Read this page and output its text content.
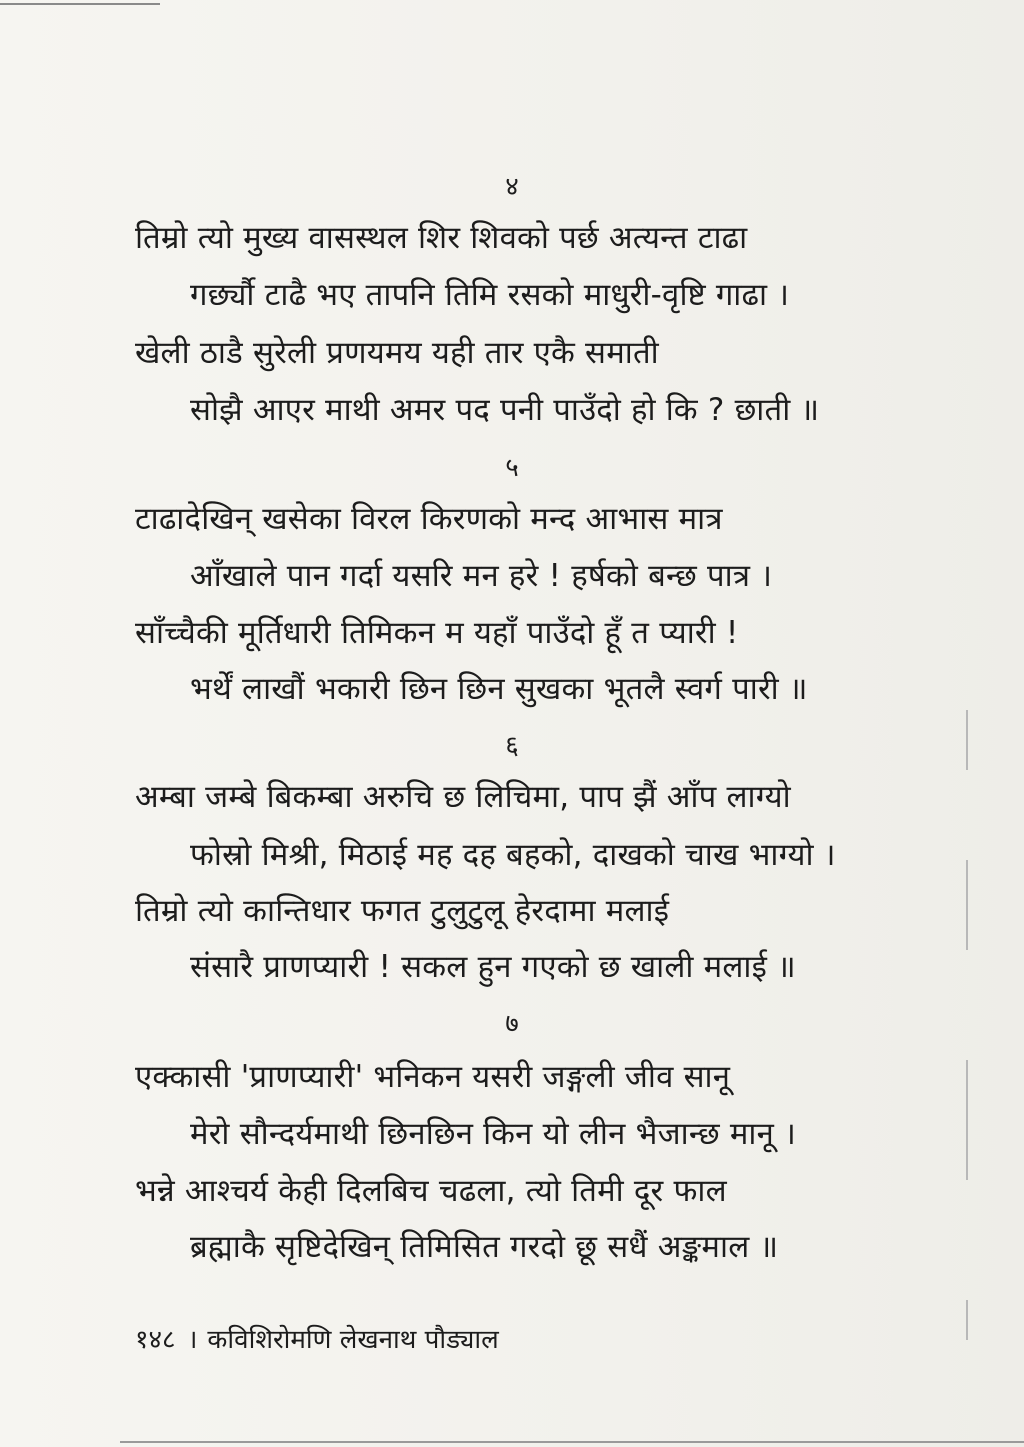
४
तिम्रो त्यो मुख्य वासस्थल शिर शिवको पर्छ अत्यन्त टाढा
गर्छ्यौ टाढै भए तापनि तिमि रसको माधुरी-वृष्टि गाढा ।
खेली ठाडै सुरेली प्रणयमय यही तार एकै समाती
सोझै आएर माथी अमर पद पनी पाउँदो हो कि ? छाती ॥
५
टाढादेखिन् खसेका विरल किरणको मन्द आभास मात्र
आँखाले पान गर्दा यसरि मन हरे ! हर्षको बन्छ पात्र ।
साँच्चैकी मूर्तिधारी तिमिकन म यहाँ पाउँदो हूँ त प्यारी !
भर्थें लाखौं भकारी छिन छिन सुखका भूतलै स्वर्ग पारी ॥
६
अम्बा जम्बे बिकम्बा अरुचि छ लिचिमा, पाप झैं आँप लाग्यो
फोस्रो मिश्री, मिठाई मह दह बहको, दाखको चाख भाग्यो ।
तिम्रो त्यो कान्तिधार फगत टुलुटुलू हेरदामा मलाई
संसारै प्राणप्यारी ! सकल हुन गएको छ खाली मलाई ॥
७
एक्कासी 'प्राणप्यारी' भनिकन यसरी जङ्गली जीव सानू
मेरो सौन्दर्यमाथी छिनछिन किन यो लीन भैजान्छ मानू ।
भन्ने आश्चर्य केही दिलबिच चढला, त्यो तिमी दूर फाल
ब्रह्माकै सृष्टिदेखिन् तिमिसित गरदो छू सधैं अङ्कमाल ॥
१४८ । कविशिरोमणि लेखनाथ पौड्याल
